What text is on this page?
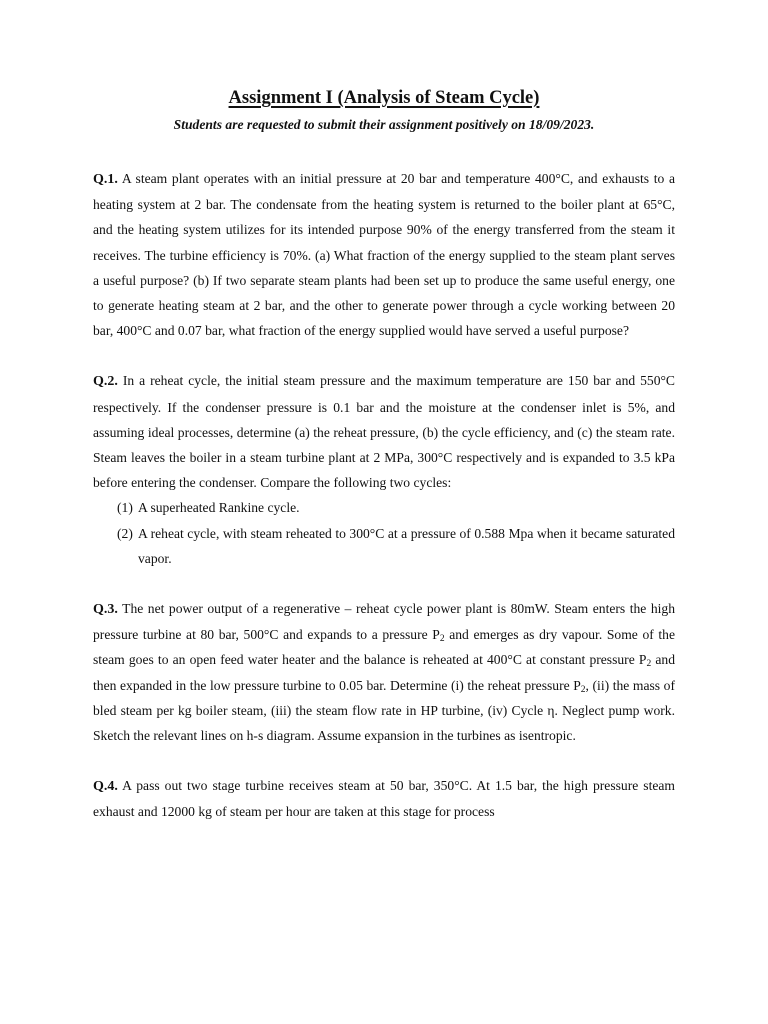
Assignment I (Analysis of Steam Cycle)

Students are requested to submit their assignment positively on 18/09/2023.

Q.1. A steam plant operates with an initial pressure at 20 bar and temperature 400°C, and exhausts to a heating system at 2 bar. The condensate from the heating system is returned to the boiler plant at 65°C, and the heating system utilizes for its intended purpose 90% of the energy transferred from the steam it receives. The turbine efficiency is 70%. (a) What fraction of the energy supplied to the steam plant serves a useful purpose? (b) If two separate steam plants had been set up to produce the same useful energy, one to generate heating steam at 2 bar, and the other to generate power through a cycle working between 20 bar, 400°C and 0.07 bar, what fraction of the energy supplied would have served a useful purpose?

Q.2. In a reheat cycle, the initial steam pressure and the maximum temperature are 150 bar and 550°C respectively. If the condenser pressure is 0.1 bar and the moisture at the condenser inlet is 5%, and assuming ideal processes, determine (a) the reheat pressure, (b) the cycle efficiency, and (c) the steam rate. Steam leaves the boiler in a steam turbine plant at 2 MPa, 300°C respectively and is expanded to 3.5 kPa before entering the condenser. Compare the following two cycles:

(1) A superheated Rankine cycle.
(2) A reheat cycle, with steam reheated to 300°C at a pressure of 0.588 Mpa when it became saturated vapor.

Q.3. The net power output of a regenerative – reheat cycle power plant is 80mW. Steam enters the high pressure turbine at 80 bar, 500°C and expands to a pressure $P_2$ and emerges as dry vapour. Some of the steam goes to an open feed water heater and the balance is reheated at 400°C at constant pressure $P_2$ and then expanded in the low pressure turbine to 0.05 bar. Determine (i) the reheat pressure $P_2$, (ii) the mass of bled steam per kg boiler steam, (iii) the steam flow rate in HP turbine, (iv) Cycle η. Neglect pump work. Sketch the relevant lines on h-s diagram. Assume expansion in the turbines as isentropic.

Q.4. A pass out two stage turbine receives steam at 50 bar, 350°C. At 1.5 bar, the high pressure steam exhaust and 12000 kg of steam per hour are taken at this stage for process
